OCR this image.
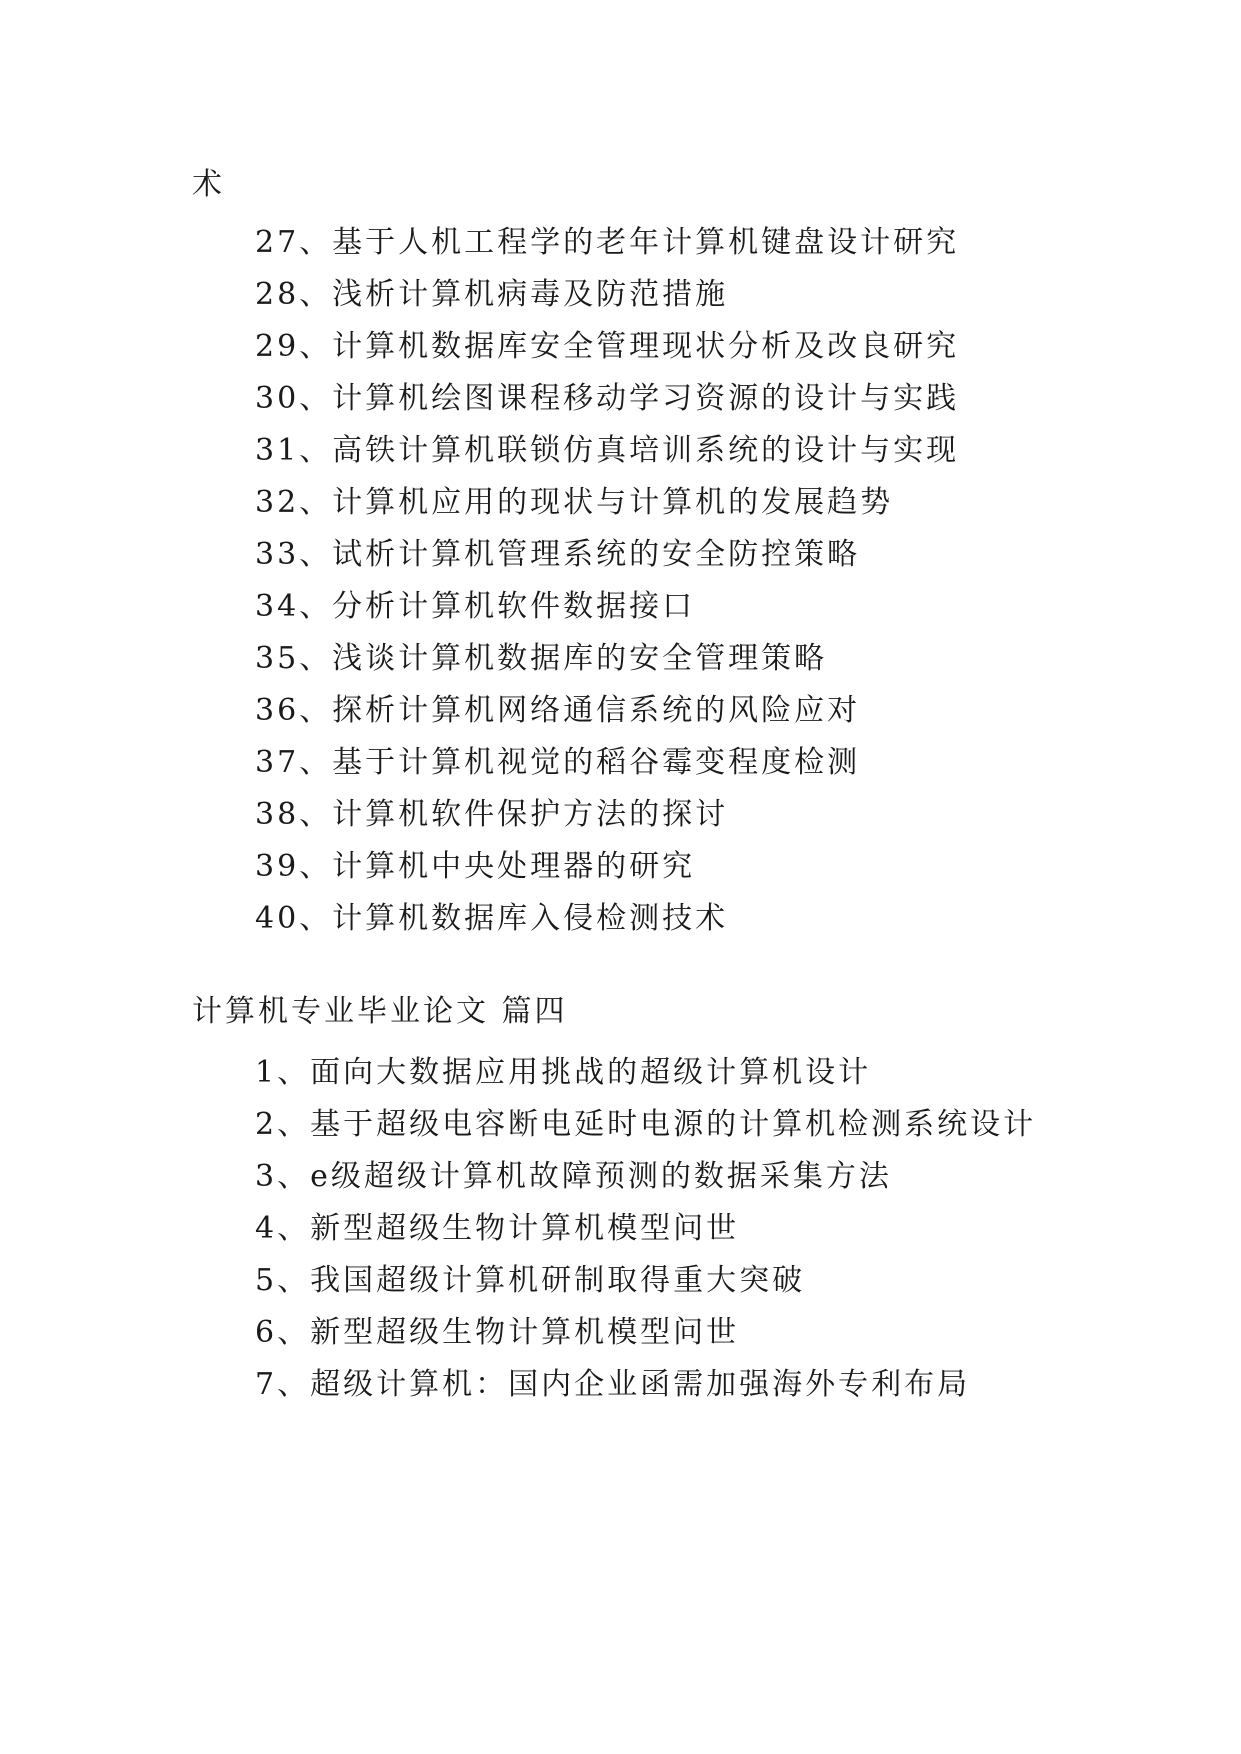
术
27、基于人机工程学的老年计算机键盘设计研究
28、浅析计算机病毒及防范措施
29、计算机数据库安全管理现状分析及改良研究
30、计算机绘图课程移动学习资源的设计与实践
31、高铁计算机联锁仿真培训系统的设计与实现
32、计算机应用的现状与计算机的发展趋势
33、试析计算机管理系统的安全防控策略
34、分析计算机软件数据接口
35、浅谈计算机数据库的安全管理策略
36、探析计算机网络通信系统的风险应对
37、基于计算机视觉的稻谷霉变程度检测
38、计算机软件保护方法的探讨
39、计算机中央处理器的研究
40、计算机数据库入侵检测技术
计算机专业毕业论文 篇四
1、面向大数据应用挑战的超级计算机设计
2、基于超级电容断电延时电源的计算机检测系统设计
3、e级超级计算机故障预测的数据采集方法
4、新型超级生物计算机模型问世
5、我国超级计算机研制取得重大突破
6、新型超级生物计算机模型问世
7、超级计算机：国内企业函需加强海外专利布局
